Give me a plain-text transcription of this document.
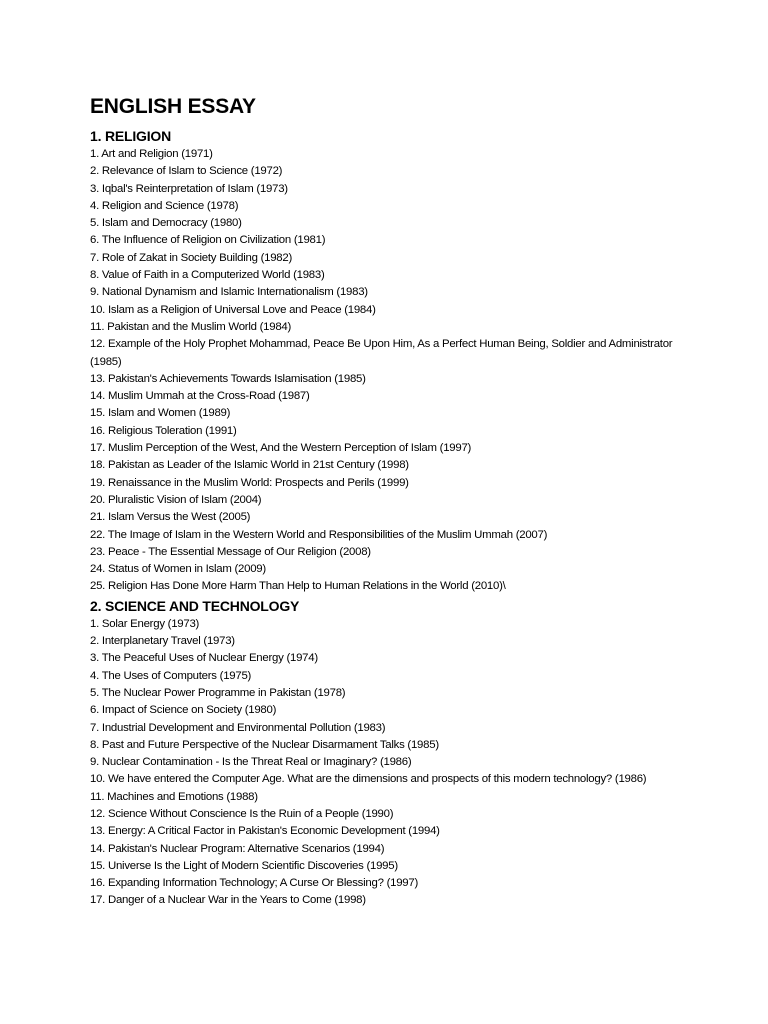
ENGLISH ESSAY
1. RELIGION
1. Art and Religion (1971)
2. Relevance of Islam to Science (1972)
3. Iqbal's Reinterpretation of Islam (1973)
4. Religion and Science (1978)
5. Islam and Democracy (1980)
6. The Influence of Religion on Civilization (1981)
7. Role of Zakat in Society Building (1982)
8. Value of Faith in a Computerized World (1983)
9. National Dynamism and Islamic Internationalism (1983)
10. Islam as a Religion of Universal Love and Peace (1984)
11. Pakistan and the Muslim World (1984)
12. Example of the Holy Prophet Mohammad, Peace Be Upon Him, As a Perfect Human Being, Soldier and Administrator (1985)
13. Pakistan's Achievements Towards Islamisation (1985)
14. Muslim Ummah at the Cross-Road (1987)
15. Islam and Women (1989)
16. Religious Toleration (1991)
17. Muslim Perception of the West, And the Western Perception of Islam (1997)
18. Pakistan as Leader of the Islamic World in 21st Century (1998)
19. Renaissance in the Muslim World: Prospects and Perils (1999)
20. Pluralistic Vision of Islam (2004)
21. Islam Versus the West (2005)
22. The Image of Islam in the Western World and Responsibilities of the Muslim Ummah (2007)
23. Peace - The Essential Message of Our Religion (2008)
24. Status of Women in Islam (2009)
25. Religion Has Done More Harm Than Help to Human Relations in the World (2010)\
2. SCIENCE AND TECHNOLOGY
1. Solar Energy (1973)
2. Interplanetary Travel (1973)
3. The Peaceful Uses of Nuclear Energy (1974)
4. The Uses of Computers (1975)
5. The Nuclear Power Programme in Pakistan (1978)
6. Impact of Science on Society (1980)
7. Industrial Development and Environmental Pollution (1983)
8. Past and Future Perspective of the Nuclear Disarmament Talks (1985)
9. Nuclear Contamination - Is the Threat Real or Imaginary? (1986)
10. We have entered the Computer Age. What are the dimensions and prospects of this modern technology? (1986)
11. Machines and Emotions (1988)
12. Science Without Conscience Is the Ruin of a People (1990)
13. Energy: A Critical Factor in Pakistan's Economic Development (1994)
14. Pakistan's Nuclear Program: Alternative Scenarios (1994)
15. Universe Is the Light of Modern Scientific Discoveries (1995)
16. Expanding Information Technology; A Curse Or Blessing? (1997)
17. Danger of a Nuclear War in the Years to Come (1998)
